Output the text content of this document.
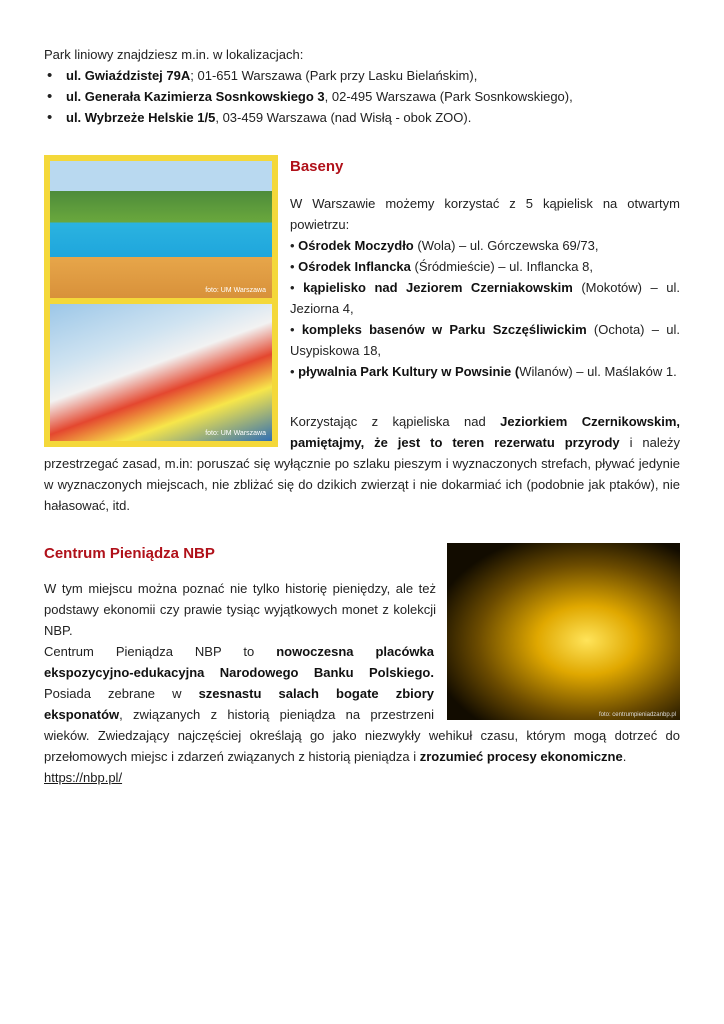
Park liniowy znajdziesz m.in. w lokalizacjach:
• ul. Gwiaździstej 79A; 01-651 Warszawa (Park przy Lasku Bielańskim),
• ul. Generała Kazimierza Sosnkowskiego 3, 02-495 Warszawa (Park Sosnkowskiego),
• ul. Wybrzeże Helskie 1/5, 03-459 Warszawa (nad Wisłą - obok ZOO).
foto: UM Warszawa
foto: UM Warszawa
Baseny
W Warszawie możemy korzystać z 5 kąpielisk na otwartym powietrzu:
• Ośrodek Moczydło (Wola) – ul. Górczewska 69/73,
• Ośrodek Inflancka (Śródmieście) – ul. Inflancka 8,
• kąpielisko nad Jeziorem Czerniakowskim (Mokotów) – ul. Jeziorna 4,
• kompleks basenów w Parku Szczęśliwickim (Ochota) – ul. Usypiskowa 18,
• pływalnia Park Kultury w Powsinie (Wilanów) – ul. Maślaków 1.
Korzystając z kąpieliska nad Jeziorkiem Czernikowskim, pamiętajmy, że jest to teren rezerwatu przyrody i należy przestrzegać zasad, m.in: poruszać się wyłącznie po szlaku pieszym i wyznaczonych strefach, pływać jedynie w wyznaczonych miejscach, nie zbliżać się do dzikich zwierząt i nie dokarmiać ich (podobnie jak ptaków), nie hałasować, itd.
Centrum Pieniądza NBP
foto: centrumpieniadzanbp.pl
W tym miejscu można poznać nie tylko historię pieniędzy, ale też podstawy ekonomii czy prawie tysiąc wyjątkowych monet z kolekcji NBP.
Centrum Pieniądza NBP to nowoczesna placówka ekspozycyjno-edukacyjna Narodowego Banku Polskiego. Posiada zebrane w szesnastu salach bogate zbiory eksponatów, związanych z historią pieniądza na przestrzeni wieków. Zwiedzający najczęściej określają go jako niezwykły wehikuł czasu, którym mogą dotrzeć do przełomowych miejsc i zdarzeń związanych z historią pieniądza i zrozumieć procesy ekonomiczne.
https://nbp.pl/
